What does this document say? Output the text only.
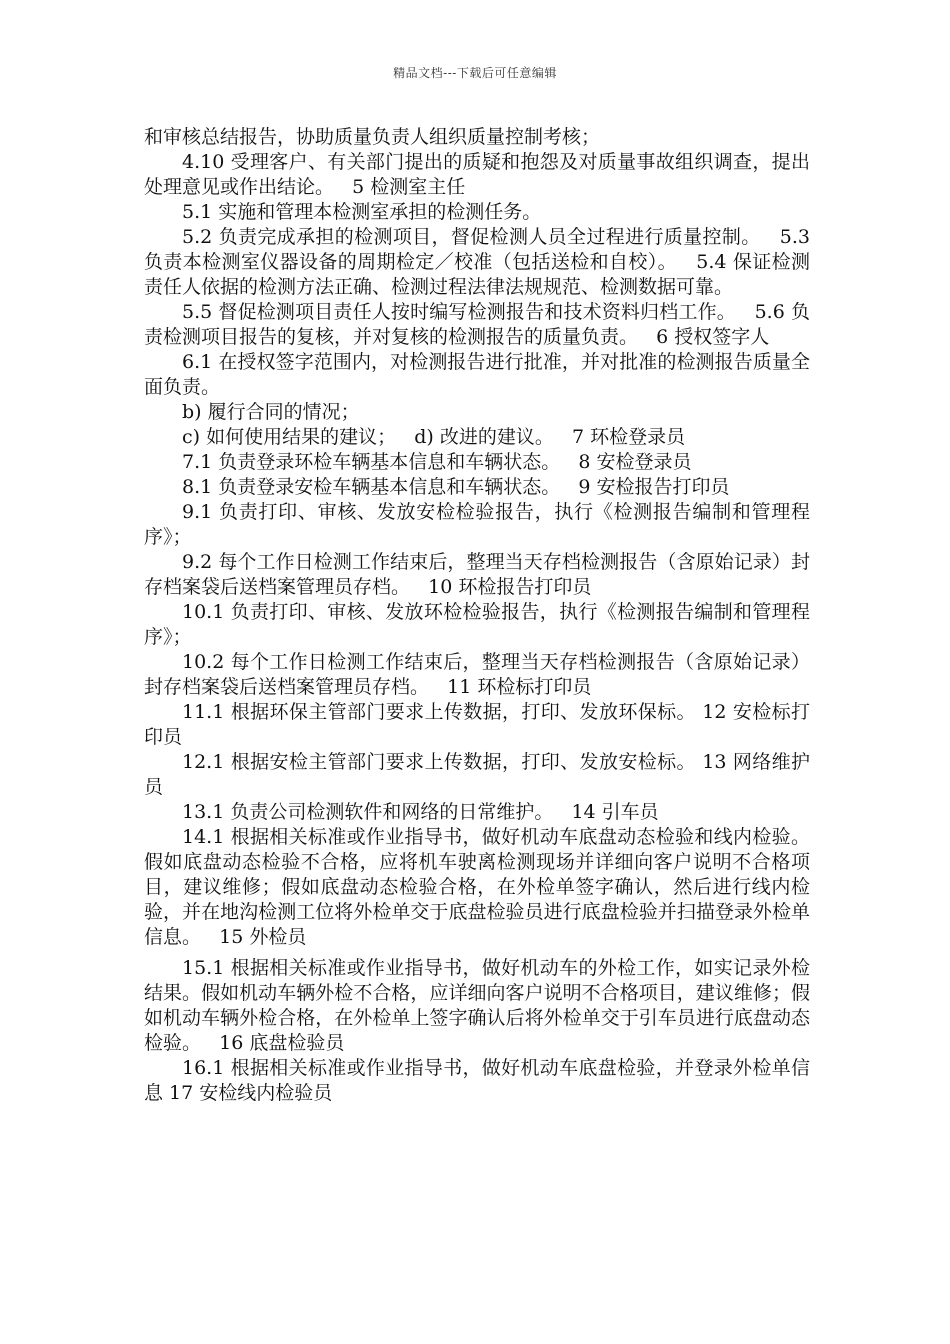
精品文档---下载后可任意编辑

和审核总结报告，协助质量负责人组织质量控制考核；

4.10 受理客户、有关部门提出的质疑和抱怨及对质量事故组织调查，提出处理意见或作出结论。   5 检测室主任

5.1 实施和管理本检测室承担的检测任务。

5.2 负责完成承担的检测项目，督促检测人员全过程进行质量控制。   5.3 负责本检测室仪器设备的周期检定／校准（包括送检和自校）。   5.4 保证检测责任人依据的检测方法正确、检测过程法律法规规范、检测数据可靠。

5.5 督促检测项目责任人按时编写检测报告和技术资料归档工作。   5.6 负责检测项目报告的复核，并对复核的检测报告的质量负责。   6 授权签字人

6.1 在授权签字范围内，对检测报告进行批准，并对批准的检测报告质量全面负责。

b) 履行合同的情况；

c) 如何使用结果的建议；   d) 改进的建议。   7 环检登录员

7.1 负责登录环检车辆基本信息和车辆状态。   8 安检登录员

8.1 负责登录安检车辆基本信息和车辆状态。   9 安检报告打印员

9.1 负责打印、审核、发放安检检验报告，执行《检测报告编制和管理程序》；

9.2 每个工作日检测工作结束后，整理当天存档检测报告（含原始记录）封存档案袋后送档案管理员存档。   10 环检报告打印员

10.1 负责打印、审核、发放环检检验报告，执行《检测报告编制和管理程序》；

10.2 每个工作日检测工作结束后，整理当天存档检测报告（含原始记录）封存档案袋后送档案管理员存档。   11 环检标打印员

11.1 根据环保主管部门要求上传数据，打印、发放环保标。 12 安检标打印员

12.1 根据安检主管部门要求上传数据，打印、发放安检标。 13 网络维护员

13.1 负责公司检测软件和网络的日常维护。   14 引车员

14.1 根据相关标准或作业指导书，做好机动车底盘动态检验和线内检验。假如底盘动态检验不合格，应将机车驶离检测现场并详细向客户说明不合格项目，建议维修；假如底盘动态检验合格，在外检单签字确认，然后进行线内检验，并在地沟检测工位将外检单交于底盘检验员进行底盘检验并扫描登录外检单信息。   15 外检员

15.1 根据相关标准或作业指导书，做好机动车的外检工作，如实记录外检结果。假如机动车辆外检不合格，应详细向客户说明不合格项目，建议维修；假如机动车辆外检合格，在外检单上签字确认后将外检单交于引车员进行底盘动态检验。   16 底盘检验员

16.1 根据相关标准或作业指导书，做好机动车底盘检验，并登录外检单信息 17 安检线内检验员
